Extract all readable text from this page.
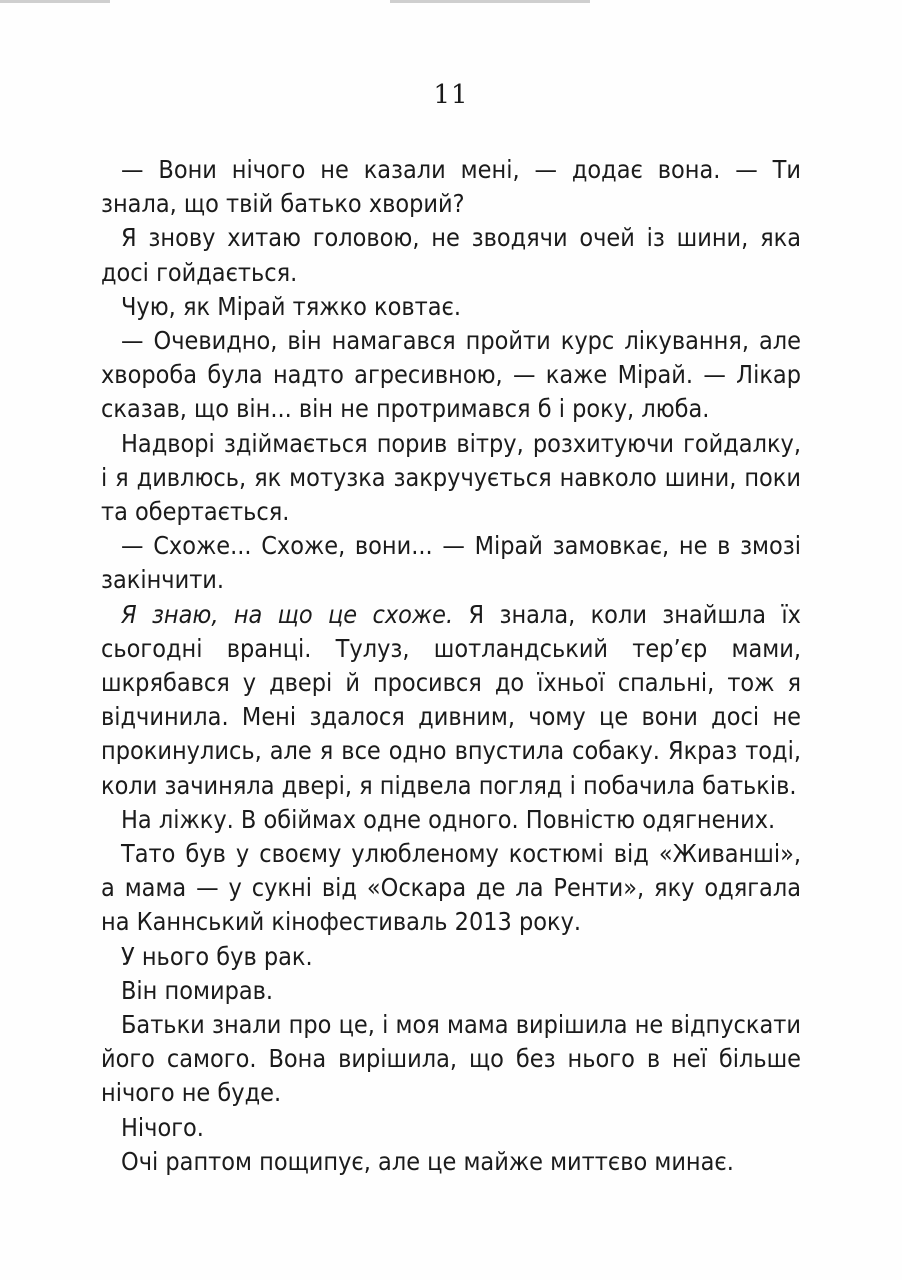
11

— Вони нічого не казали мені, — додає вона. — Ти знала, що твій батько хворий?

Я знову хитаю головою, не зводячи очей із шини, яка досі гойдається.

Чую, як Мірай тяжко ковтає.

— Очевидно, він намагався пройти курс лікування, але хвороба була надто агресивною, — каже Мірай. — Лікар сказав, що він... він не протримався б і року, люба.

Надворі здіймається порив вітру, розхитуючи гойдалку, і я дивлюсь, як мотузка закручується навколо шини, поки та обертається.

— Схоже... Схоже, вони... — Мірай замовкає, не в змозі закінчити.

Я знаю, на що це схоже. Я знала, коли знайшла їх сьогодні вранці. Тулуз, шотландський тер’єр мами, шкрябався у двері й просився до їхньої спальні, тож я відчинила. Мені здалося дивним, чому це вони досі не прокинулись, але я все одно впустила собаку. Якраз тоді, коли зачиняла двері, я підвела погляд і побачила батьків.

На ліжку. В обіймах одне одного. Повністю одягнених.

Тато був у своєму улюбленому костюмі від «Живанші», а мама — у сукні від «Оскара де ла Ренти», яку одягала на Каннський кінофестиваль 2013 року.

У нього був рак.

Він помирав.

Батьки знали про це, і моя мама вирішила не відпускати його самого. Вона вирішила, що без нього в неї більше нічого не буде.

Нічого.

Очі раптом пощипує, але це майже миттєво минає.
